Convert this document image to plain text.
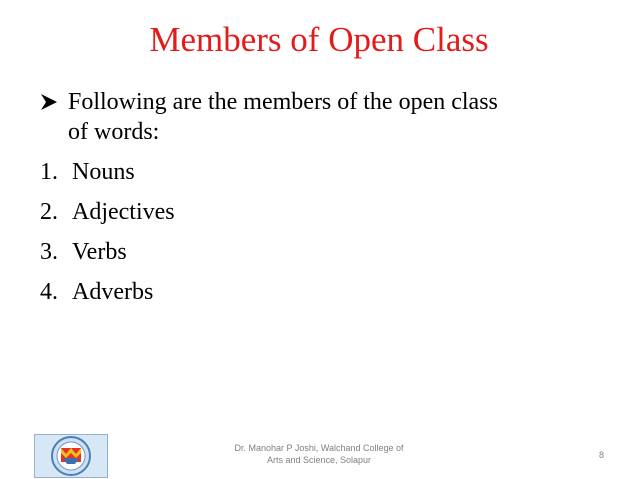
Members of Open Class
Following are the members of the open class
of words:
1. Nouns
2. Adjectives
3. Verbs
4. Adverbs
Dr. Manohar P Joshi, Walchand College of
Arts and Science, Solapur	8
